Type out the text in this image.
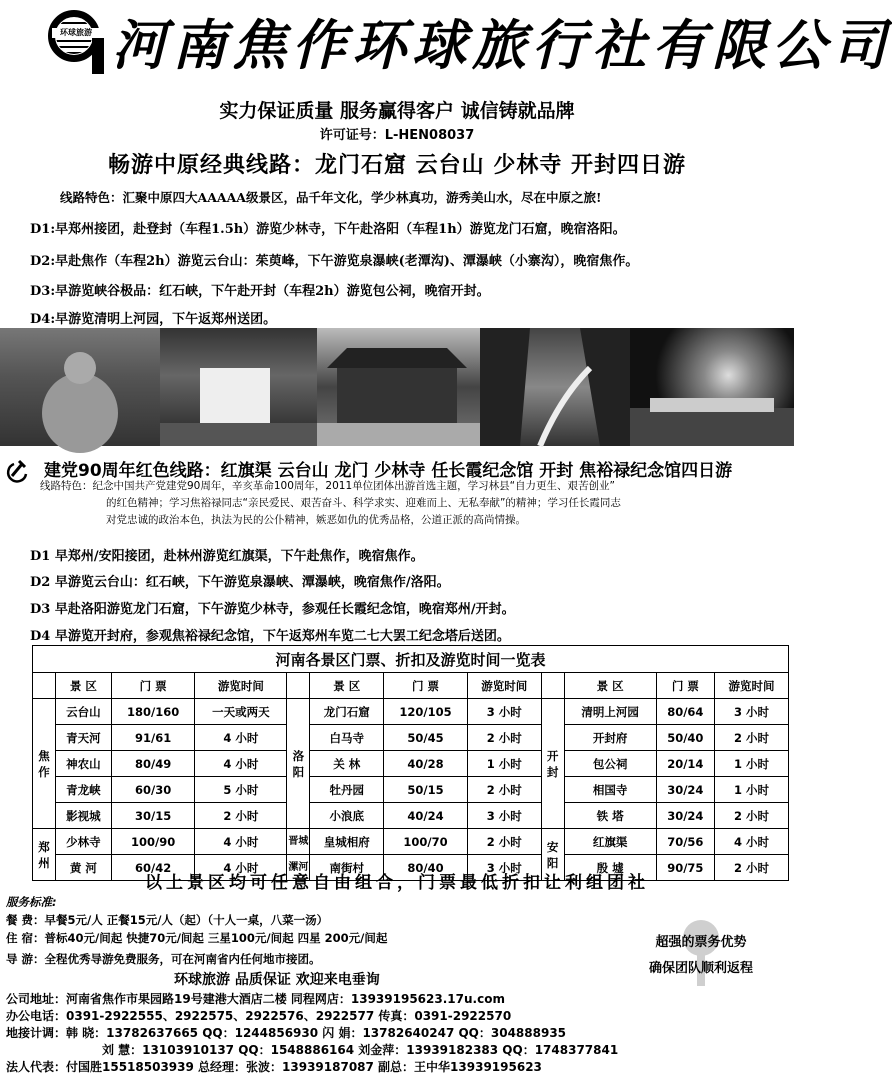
环球旅游 河南焦作环球旅行社有限公司
实力保证质量 服务赢得客户 诚信铸就品牌
许可证号：L-HEN08037
畅游中原经典线路：龙门石窟 云台山 少林寺 开封四日游
线路特色：汇聚中原四大AAAAA级景区，品千年文化，学少林真功，游秀美山水，尽在中原之旅!
D1:早郑州接团，赴登封（车程1.5h）游览少林寺，下午赴洛阳（车程1h）游览龙门石窟，晚宿洛阳。
D2:早赴焦作（车程2h）游览云台山：茱萸峰，下午游览泉瀑峡(老潭沟)、潭瀑峡（小寨沟），晚宿焦作。
D3:早游览峡谷极品：红石峡，下午赴开封（车程2h）游览包公祠，晚宿开封。
D4:早游览清明上河园，下午返郑州送团。
建党90周年红色线路：红旗渠 云台山 龙门 少林寺 任长霞纪念馆 开封 焦裕禄纪念馆四日游
线路特色：纪念中国共产党建党90周年，辛亥革命100周年，2011单位团体出游首选主题，学习林县“自力更生、艰苦创业”
的红色精神；学习焦裕禄同志“亲民爱民、艰苦奋斗、科学求实、迎难而上、无私奉献”的精神；学习任长霞同志
对党忠诚的政治本色，执法为民的公仆精神，嫉恶如仇的优秀品格，公道正派的高尚情操。
D1 早郑州/安阳接团，赴林州游览红旗渠，下午赴焦作，晚宿焦作。
D2 早游览云台山：红石峡，下午游览泉瀑峡、潭瀑峡，晚宿焦作/洛阳。
D3 早赴洛阳游览龙门石窟，下午游览少林寺，参观任长霞纪念馆，晚宿郑州/开封。
D4 早游览开封府，参观焦裕禄纪念馆，下午返郑州车览二七大罢工纪念塔后送团。
河南各景区门票、折扣及游览时间一览表											
	景 区	门 票	游览时间		景 区	门 票	游览时间		景 区	门 票	游览时间
焦作	云台山	180/160	一天或两天	洛阳	龙门石窟	120/105	3 小时	开封	清明上河园	80/64	3 小时
	青天河	91/61	4 小时		白马寺	50/45	2 小时		开封府	50/40	2 小时
	神农山	80/49	4 小时		关 林	40/28	1 小时		包公祠	20/14	1 小时
	青龙峡	60/30	5 小时		牡丹园	50/15	2 小时		相国寺	30/24	1 小时
	影视城	30/15	2 小时		小浪底	40/24	3 小时		铁 塔	30/24	2 小时
郑州	少林寺	100/90	4 小时	晋城	皇城相府	100/70	2 小时	安阳	红旗渠	70/56	4 小时
	黄 河	60/42	4 小时	漯河	南街村	80/40	3 小时		殷 墟	90/75	2 小时
以上景区均可任意自由组合，门票最低折扣让利组团社
服务标准:
餐 费：早餐5元/人 正餐15元/人（起）（十人一桌，八菜一汤）
住 宿：普标40元/间起 快捷70元/间起 三星100元/间起 四星 200元/间起
导 游：全程优秀导游免费服务，可在河南省内任何地市接团。
环球旅游 品质保证 欢迎来电垂询
超强的票务优势
确保团队顺利返程
公司地址：河南省焦作市果园路19号建港大酒店二楼 同程网店：13939195623.17u.com
办公电话：0391-2922555、2922575、2922576、2922577 传真：0391-2922570
地接计调：韩 晓：13782637665 QQ：1244856930 闪 娟：13782640247 QQ：304888935
刘 慧：13103910137 QQ：1548886164 刘金萍：13939182383 QQ：1748377841
法人代表：付国胜15518503939 总经理：张波：13939187087 副总：王中华13939195623
